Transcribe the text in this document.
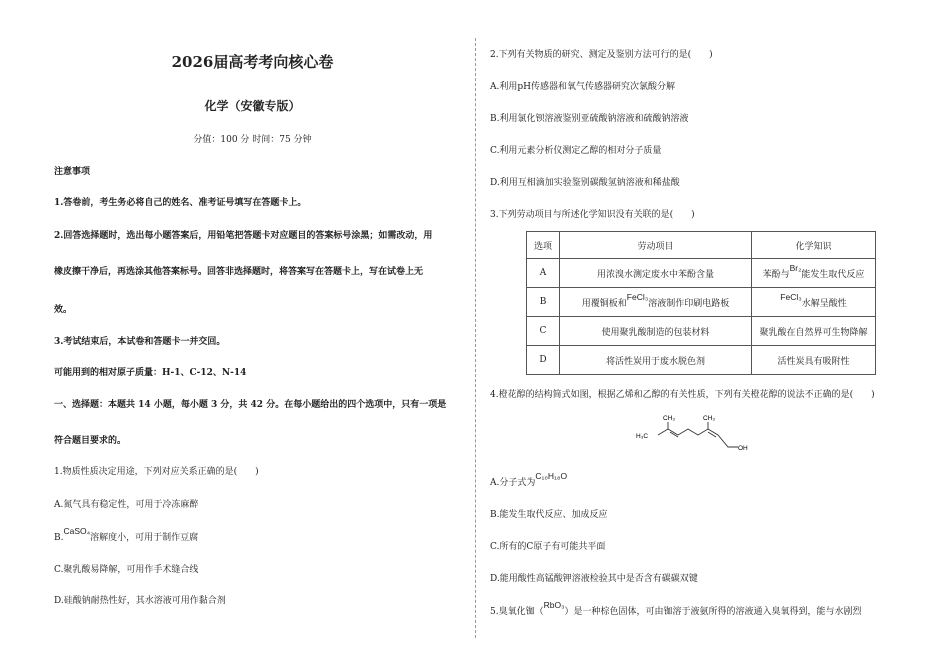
2026届高考考向核心卷
化学（安徽专版）
分值：100 分 时间：75 分钟
注意事项
1.答卷前，考生务必将自己的姓名、准考证号填写在答题卡上。
2.回答选择题时，选出每小题答案后，用铅笔把答题卡对应题目的答案标号涂黑；如需改动，用
橡皮擦干净后，再选涂其他答案标号。回答非选择题时，将答案写在答题卡上，写在试卷上无
效。
3.考试结束后，本试卷和答题卡一并交回。
可能用到的相对原子质量：H-1、C-12、N-14
一、选择题：本题共 14 小题，每小题 3 分，共 42 分。在每小题给出的四个选项中，只有一项是
符合题目要求的。
1.物质性质决定用途，下列对应关系正确的是(　　)
A.氮气具有稳定性，可用于冷冻麻醉
B.CaSO₄溶解度小，可用于制作豆腐
C.聚乳酸易降解，可用作手术缝合线
D.硅酸钠耐热性好，其水溶液可用作黏合剂
2.下列有关物质的研究、测定及鉴别方法可行的是(　　)
A.利用pH传感器和氧气传感器研究次氯酸分解
B.利用氯化钡溶液鉴别亚硫酸钠溶液和硫酸钠溶液
C.利用元素分析仪测定乙醇的相对分子质量
D.利用互相滴加实验鉴别碳酸氢钠溶液和稀盐酸
3.下列劳动项目与所述化学知识没有关联的是(　　)
选项	劳动项目	化学知识
A	用浓溴水测定废水中苯酚含量	苯酚与Br₂能发生取代反应
B	用覆铜板和FeCl₃溶液制作印刷电路板	FeCl₃水解呈酸性
C	使用聚乳酸制造的包装材料	聚乳酸在自然界可生物降解
D	将活性炭用于废水脱色剂	活性炭具有吸附性
4.橙花醇的结构简式如图，根据乙烯和乙醇的有关性质，下列有关橙花醇的说法不正确的是(　　)
H₃C
CH₃	CH₃
OH
A.分子式为C₁₀H₁₈O
B.能发生取代反应、加成反应
C.所有的C原子有可能共平面
D.能用酸性高锰酸钾溶液检验其中是否含有碳碳双键
5.臭氧化铷（RbO₃）是一种棕色固体，可由铷溶于液氨所得的溶液通入臭氧得到，能与水剧烈
